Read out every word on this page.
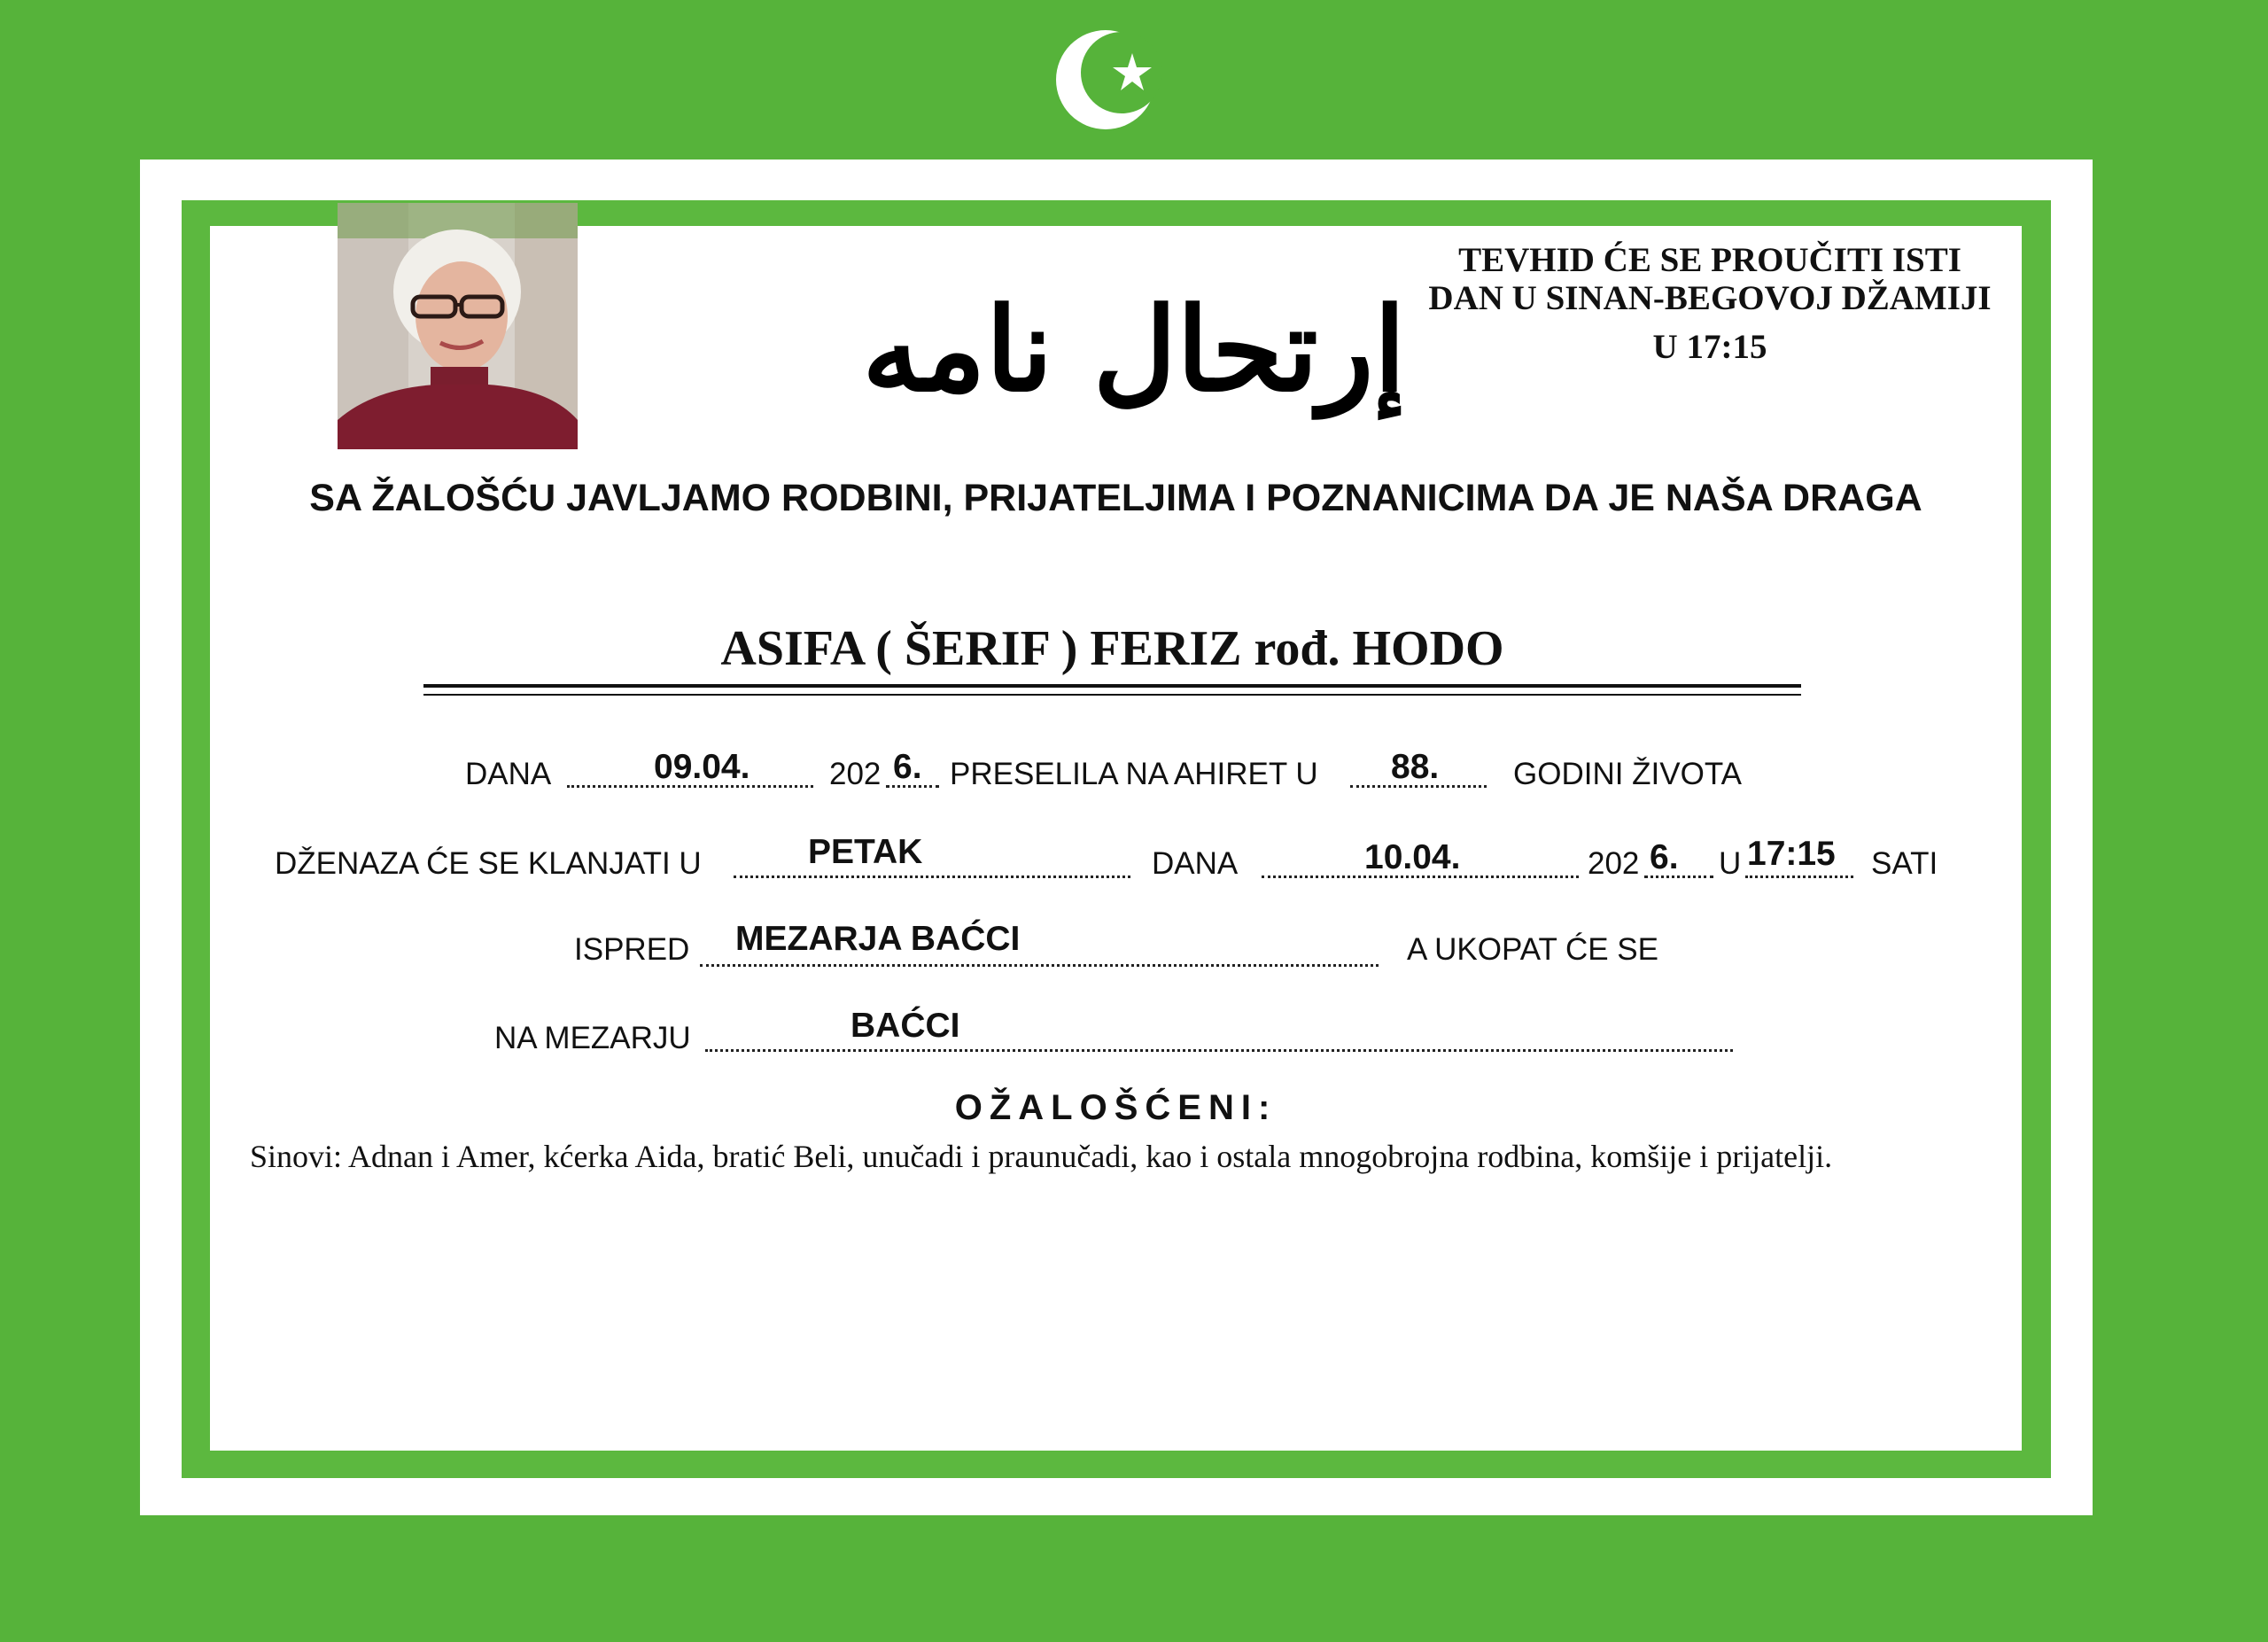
إرتحال نامه
TEVHID ĆE SE PROUČITI ISTI
DAN U SINAN-BEGOVOJ DŽAMIJI

U 17:15
SA ŽALOŠĆU JAVLJAMO RODBINI, PRIJATELJIMA I POZNANICIMA DA JE NAŠA DRAGA
ASIFA ( ŠERIF ) FERIZ rođ. HODO
DANA	09.04.	202 6. PRESELILA NA AHIRET U 88. GODINI ŽIVOTA
DŽENAZA ĆE SE KLANJATI U	PETAK	DANA	10.04.	202 6. U 17:15 SATI
ISPRED MEZARJA BAĆCI	A UKOPAT ĆE SE
NA MEZARJU	BAĆCI
OŽALOŠĆENI:
Sinovi: Adnan i Amer, kćerka Aida, bratić Beli, unučadi i praunučadi, kao i ostala mnogobrojna rodbina, komšije i prijatelji.
